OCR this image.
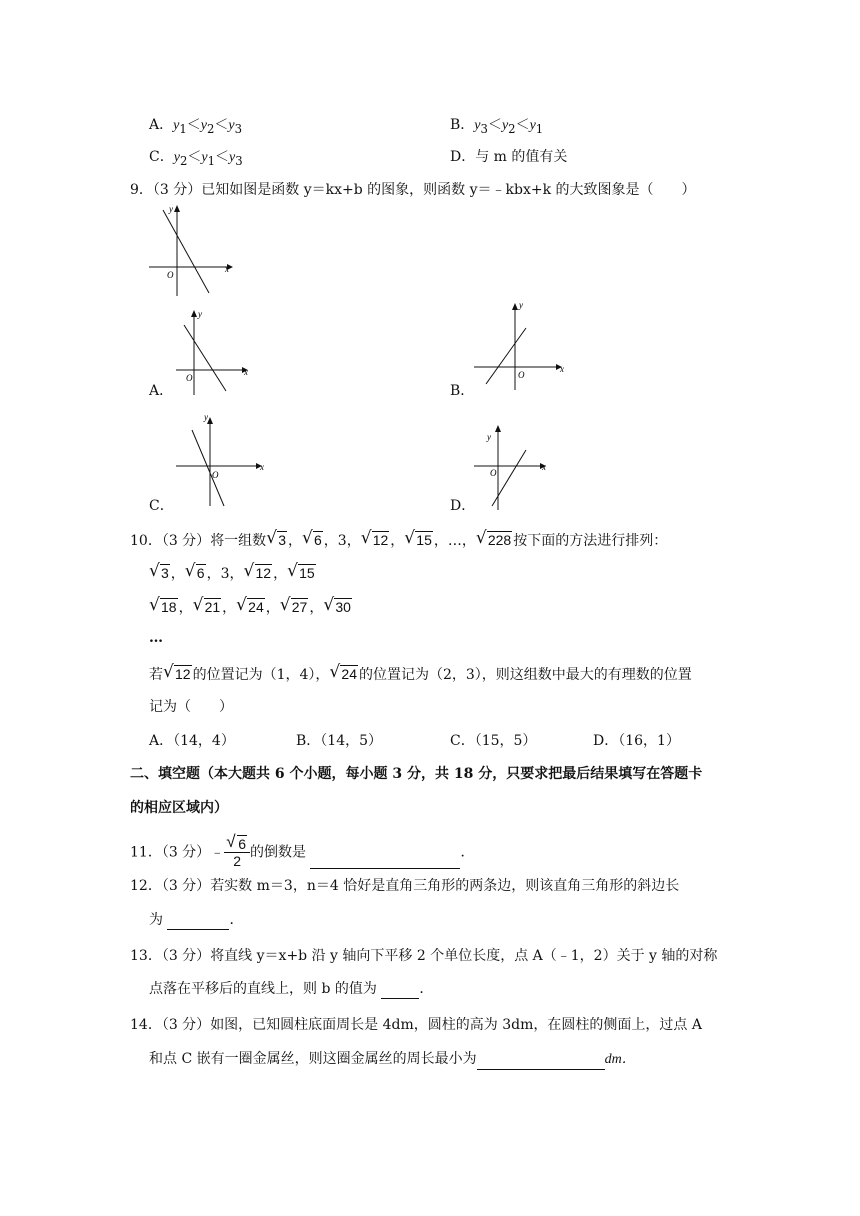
A．$y_1<y_2<y_3$	B．$y_3<y_2<y_1$
C．$y_2<y_1<y_3$	D．与 m 的值有关
9．（3 分）已知如图是函数 y＝kx+b 的图象，则函数 y＝﹣kbx+k 的大致图象是（　　）
y
O
x
A．
y
O
x
B．
y
O
x
C．
y
O
x
D．
y
O
x
10．（3 分）将一组数 √ 3 ， √ 6 ，3， √ 12 ， √ 15 ，…， √ 228 按下面的方法进行排列：
√ 3 ， √ 6 ，3， √ 12 ， √ 15
√ 18 ， √ 21 ， √ 24 ， √ 27 ， √ 30
…
若 √ 12 的位置记为（1，4）， √ 24 的位置记为（2，3），则这组数中最大的有理数的位置
记为（　　）
A．（14，4）	B．（14，5）	C．（15，5）	D．（16，1）
二、填空题（本大题共 6 个小题，每小题 3 分，共 18 分，只要求把最后结果填写在答题卡
的相应区域内）
11．（3 分）﹣ √ $\frac{6}{2}$ 的倒数是	．
12．（3 分）若实数 m＝3，n＝4 恰好是直角三角形的两条边，则该直角三角形的斜边长
为	．
13．（3 分）将直线 y＝x+b 沿 y 轴向下平移 2 个单位长度，点 A（﹣1，2）关于 y 轴的对称
点落在平移后的直线上，则 b 的值为	．
14．（3 分）如图，已知圆柱底面周长是 4dm，圆柱的高为 3dm，在圆柱的侧面上，过点 A
和点 C 嵌有一圈金属丝，则这圈金属丝的周长最小为	dm．
